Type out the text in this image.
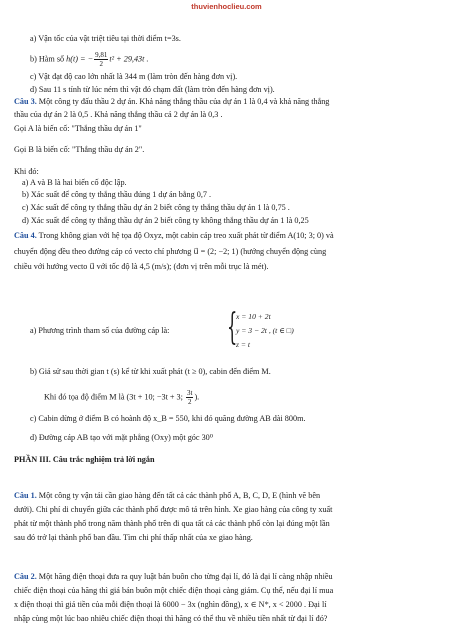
thuvienhoclieu.com
a) Vận tốc của vật triệt tiêu tại thời điểm t=3s.
b) Hàm số h(t) = − $\frac{9,81}{2} t^2 + 29,43t$ .
c) Vật đạt độ cao lớn nhất là 344 m (làm tròn đến hàng đơn vị).
d) Sau 11 s tính từ lúc ném thì vật đó chạm đất (làm tròn đến hàng đơn vị).
Câu 3. Một công ty đấu thầu 2 dự án. Khả năng thắng thầu của dự án 1 là 0,4 và khả năng thắng
thầu của dự án 2 là 0,5 . Khả năng thắng thầu cả 2 dự án là 0,3 .
Gọi A là biến cố: "Thắng thầu dự án 1"
Gọi B là biến cố: "Thắng thầu dự án 2".
Khi đó:
a) A và B là hai biến cố độc lập.
b) Xác suất để công ty thắng thầu đúng 1 dự án bằng 0,7 .
c) Xác suất để công ty thắng thầu dự án 2 biết công ty thắng thầu dự án 1 là 0,75 .
d) Xác suất để công ty thắng thầu dự án 2 biết công ty không thắng thầu dự án 1 là 0,25
Câu 4. Trong không gian với hệ tọa độ Oxyz, một cabin cáp treo xuất phát từ điểm A(10; 3; 0) và
chuyển động đều theo đường cáp có vecto chỉ phương u⃗ = (2; −2; 1) (hướng chuyển động cùng
chiều với hướng vecto u⃗ với tốc độ là 4,5 (m/s); (đơn vị trên mỗi trục là mét).
a) Phương trình tham số của đường cáp là: {
x = 10 + 2t
y = 3 − 2t , (t ∈ □)
z = t
b) Giả sử sau thời gian t (s) kể từ khi xuất phát (t ≥ 0), cabin đến điểm M.
Khi đó tọa độ điểm M là (3t + 10; −3t + 3; $\frac{3t}{2}$ ).
c) Cabin dừng ở điểm B có hoành độ x_B = 550, khi đó quãng đường AB dài 800m.
d) Đường cáp AB tạo với mặt phẳng (Oxy) một góc 30⁰
PHẦN III. Câu trắc nghiệm trả lời ngắn
Câu 1. Một công ty vận tải cần giao hàng đến tất cả các thành phố A, B, C, D, E (hình vẽ bên
dưới). Chi phí di chuyển giữa các thành phố được mô tả trên hình. Xe giao hàng của công ty xuất
phát từ một thành phố trong năm thành phố trên đi qua tất cả các thành phố còn lại đúng một lần
sau đó trở lại thành phố ban đầu. Tìm chi phí thấp nhất của xe giao hàng.
Câu 2. Một hãng điện thoại đưa ra quy luật bán buôn cho từng đại lí, đó là đại lí càng nhập nhiều
chiếc điện thoại của hãng thì giá bán buôn một chiếc điện thoại càng giảm. Cụ thể, nếu đại lí mua
x điện thoại thì giá tiền của mỗi điện thoại là 6000 − 3x (nghìn đồng), x ∈ N*, x < 2000 . Đại lí
nhập cùng một lúc bao nhiêu chiếc điện thoại thì hãng có thể thu về nhiều tiền nhất từ đại lí đó?
